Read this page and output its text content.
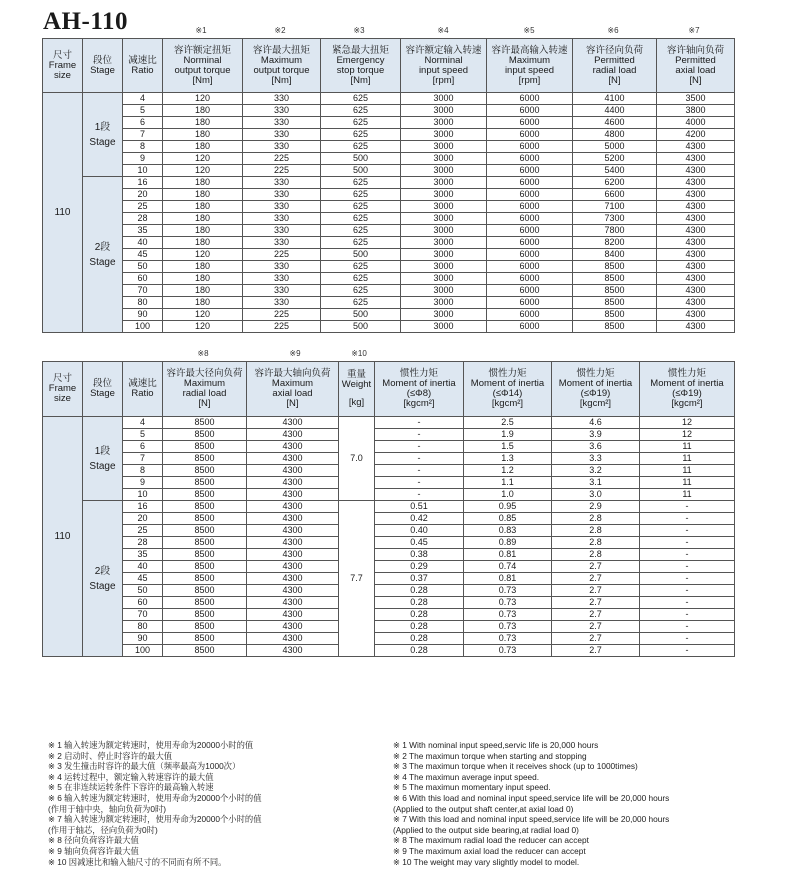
AH-110	※1	※2	※3	※4	※5	※6	※7
尺寸
Frame
size	段位
Stage	减速比
Ratio	容许额定扭矩
Norminal
output torque
[Nm]	容许最大扭矩
Maximum
output torque
[Nm]	紧急最大扭矩
Emergency
stop torque
[Nm]	容许额定输入转速
Norminal
input speed
[rpm]	容许最高输入转速
Maximum
input speed
[rpm]	容许径向负荷
Permitted
radial load
[N]	容许轴向负荷
Permitted
axial load
[N]

110	1段
Stage	4	120	330	625	3000	6000	4100	3500
		5	180	330	625	3000	6000	4400	3800
		6	180	330	625	3000	6000	4600	4000
		7	180	330	625	3000	6000	4800	4200
		8	180	330	625	3000	6000	5000	4300
		9	120	225	500	3000	6000	5200	4300
		10	120	225	500	3000	6000	5400	4300

	2段
Stage	16	180	330	625	3000	6000	6200	4300
		20	180	330	625	3000	6000	6600	4300
		25	180	330	625	3000	6000	7100	4300
		28	180	330	625	3000	6000	7300	4300
		35	180	330	625	3000	6000	7800	4300
		40	180	330	625	3000	6000	8200	4300
		45	120	225	500	3000	6000	8400	4300
		50	180	330	625	3000	6000	8500	4300
		60	180	330	625	3000	6000	8500	4300
		70	180	330	625	3000	6000	8500	4300
		80	180	330	625	3000	6000	8500	4300
		90	120	225	500	3000	6000	8500	4300
		100	120	225	500	3000	6000	8500	4300
※8	※9	※10
尺寸
Frame
size	段位
Stage	减速比
Ratio	容许最大径向负荷
Maximum
radial load
[N]	容许最大轴向负荷
Maximum
axial load
[N]	重量
Weight
[kg]	惯性力矩
Moment of inertia
(≤Φ8)
[kgcm²]	惯性力矩
Moment of inertia
(≤Φ14)
[kgcm²]	惯性力矩
Moment of inertia
(≤Φ19)
[kgcm²]	惯性力矩
Moment of inertia
(≤Φ19)
[kgcm²]

110	1段
Stage	4	8500	4300	7.0	-	2.5	4.6	12
		5	8500	4300		-	1.9	3.9	12
		6	8500	4300		-	1.5	3.6	11
		7	8500	4300		-	1.3	3.3	11
		8	8500	4300		-	1.2	3.2	11
		9	8500	4300		-	1.1	3.1	11
		10	8500	4300		-	1.0	3.0	11

	2段
Stage	16	8500	4300	7.7	0.51	0.95	2.9	-
		20	8500	4300		0.42	0.85	2.8	-
		25	8500	4300		0.40	0.83	2.8	-
		28	8500	4300		0.45	0.89	2.8	-
		35	8500	4300		0.38	0.81	2.8	-
		40	8500	4300		0.29	0.74	2.7	-
		45	8500	4300		0.37	0.81	2.7	-
		50	8500	4300		0.28	0.73	2.7	-
		60	8500	4300		0.28	0.73	2.7	-
		70	8500	4300		0.28	0.73	2.7	-
		80	8500	4300		0.28	0.73	2.7	-
		90	8500	4300		0.28	0.73	2.7	-
		100	8500	4300		0.28	0.73	2.7	-
※ 1 输入转速为额定转速时，使用寿命为20000小时的值
※ 2 启动时、停止时容许的最大值
※ 3 发生撞击时容许的最大值（频率最高为1000次）
※ 4 运转过程中，额定输入转速容许的最大值
※ 5 在非连续运转条件下容许的最高输入转速
※ 6 输入转速为额定转速时，使用寿命为20000个小时的值
(作用于轴中央，轴向负荷为0时)
※ 7 输入转速为额定转速时，使用寿命为20000个小时的值
(作用于轴芯，径向负荷为0时)
※ 8 径向负荷容许最大值
※ 9 轴向负荷容许最大值
※ 10 因减速比和输入轴尺寸的不同而有所不同。
※ 1 With nominal input speed,servic life is 20,000 hours
※ 2 The maximun torque when starting and stopping
※ 3 The maximun torque when it receives shock (up to 1000times)
※ 4 The maximun average input speed.
※ 5 The maximun momentary input speed.
※ 6 With this load and nominal input speed,service life will be 20,000 hours
(Applied to the output shaft center,at axial load 0)
※ 7 With this load and nominal input speed,service life will be 20,000 hours
(Applied to the output side bearing,at radial load 0)
※ 8 The maximum radial load the reducer can accept
※ 9 The maximum axial load the reducer can accept
※ 10 The weight may vary slightly model to model.
